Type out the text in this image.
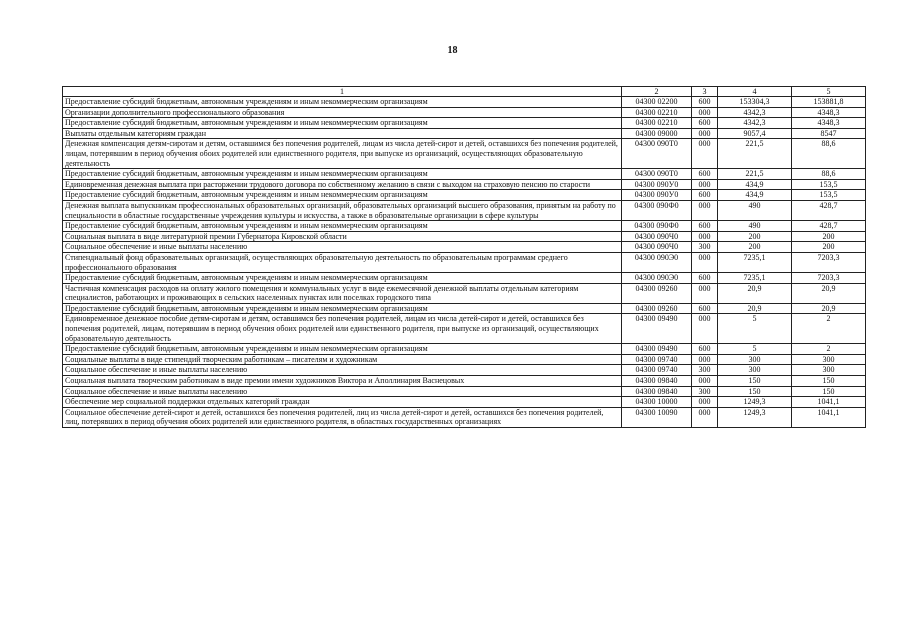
18
1	2	3	4	5
Предоставление субсидий бюджетным, автономным учреждениям и иным некоммерческим организациям	04300 02200	600	153304,3	153881,8
Организации дополнительного профессионального образования	04300 02210	000	4342,3	4348,3
Предоставление субсидий бюджетным, автономным учреждениям и иным некоммерческим организациям	04300 02210	600	4342,3	4348,3
Выплаты отдельным категориям граждан	04300 09000	000	9057,4	8547
Денежная компенсация детям-сиротам и детям, оставшимся без попечения родителей, лицам из числа детей-сирот и детей, оставшихся без попечения родителей, лицам, потерявшим в период обучения обоих родителей или единственного родителя, при выпуске из организаций, осуществляющих образовательную деятельность	04300 090Т0	000	221,5	88,6
Предоставление субсидий бюджетным, автономным учреждениям и иным некоммерческим организациям	04300 090Т0	600	221,5	88,6
Единовременная денежная выплата при расторжении трудового договора по собственному желанию в связи с выходом на страховую пенсию по старости	04300 090У0	000	434,9	153,5
Предоставление субсидий бюджетным, автономным учреждениям и иным некоммерческим организациям	04300 090У0	600	434,9	153,5
Денежная выплата выпускникам профессиональных образовательных организаций, образовательных организаций высшего образования, принятым на работу по специальности в областные государственные учреждения культуры и искусства, а также в образовательные организации в сфере культуры	04300 090Ф0	000	490	428,7
Предоставление субсидий бюджетным, автономным учреждениям и иным некоммерческим организациям	04300 090Ф0	600	490	428,7
Социальная выплата в виде литературной премии Губернатора Кировской области	04300 090Ч0	000	200	200
Социальное обеспечение и иные выплаты населению	04300 090Ч0	300	200	200
Стипендиальный фонд образовательных организаций, осуществляющих образовательную деятельность по образовательным программам среднего профессионального образования	04300 090Э0	000	7235,1	7203,3
Предоставление субсидий бюджетным, автономным учреждениям и иным некоммерческим организациям	04300 090Э0	600	7235,1	7203,3
Частичная компенсация расходов на оплату жилого помещения и коммунальных услуг в виде ежемесячной денежной выплаты отдельным категориям специалистов, работающих и проживающих в сельских населенных пунктах или поселках городского типа	04300 09260	000	20,9	20,9
Предоставление субсидий бюджетным, автономным учреждениям и иным некоммерческим организациям	04300 09260	600	20,9	20,9
Единовременное денежное пособие детям-сиротам и детям, оставшимся без попечения родителей, лицам из числа детей-сирот и детей, оставшихся без попечения родителей, лицам, потерявшим в период обучения обоих родителей или единственного родителя, при выпуске из организаций, осуществляющих образовательную деятельность	04300 09490	000	5	2
Предоставление субсидий бюджетным, автономным учреждениям и иным некоммерческим организациям	04300 09490	600	5	2
Социальные выплаты в виде стипендий творческим работникам – писателям и художникам	04300 09740	000	300	300
Социальное обеспечение и иные выплаты населению	04300 09740	300	300	300
Социальная выплата творческим работникам в виде премии имени художников Виктора и Аполлинария Васнецовых	04300 09840	000	150	150
Социальное обеспечение и иные выплаты населению	04300 09840	300	150	150
Обеспечение мер социальной поддержки отдельных категорий граждан	04300 10000	000	1249,3	1041,1
Социальное обеспечение детей-сирот и детей, оставшихся без попечения родителей, лиц из числа детей-сирот и детей, оставшихся без попечения родителей, лиц, потерявших в период обучения обоих родителей или единственного родителя, в областных государственных организациях	04300 10090	000	1249,3	1041,1
